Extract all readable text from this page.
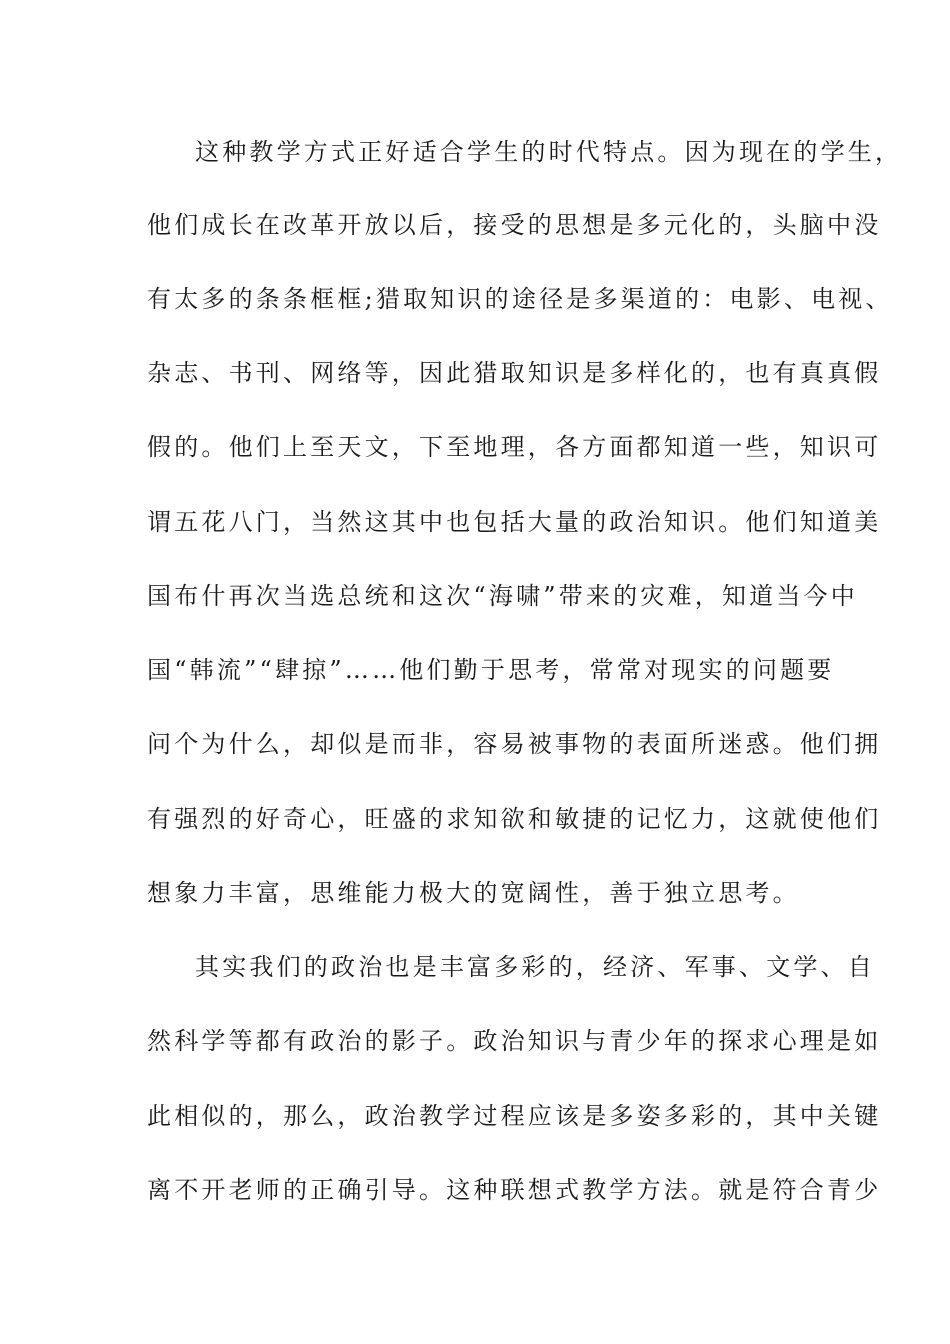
这种教学方式正好适合学生的时代特点。因为现在的学生，
他们成长在改革开放以后，接受的思想是多元化的，头脑中没
有太多的条条框框;猎取知识的途径是多渠道的：电影、电视、
杂志、书刊、网络等，因此猎取知识是多样化的，也有真真假
假的。他们上至天文，下至地理，各方面都知道一些，知识可
谓五花八门，当然这其中也包括大量的政治知识。他们知道美
国布什再次当选总统和这次“海啸”带来的灾难，知道当今中
国“韩流”“肆掠”……他们勤于思考，常常对现实的问题要
问个为什么，却似是而非，容易被事物的表面所迷惑。他们拥
有强烈的好奇心，旺盛的求知欲和敏捷的记忆力，这就使他们
想象力丰富，思维能力极大的宽阔性，善于独立思考。
其实我们的政治也是丰富多彩的，经济、军事、文学、自
然科学等都有政治的影子。政治知识与青少年的探求心理是如
此相似的，那么，政治教学过程应该是多姿多彩的，其中关键
离不开老师的正确引导。这种联想式教学方法。就是符合青少
